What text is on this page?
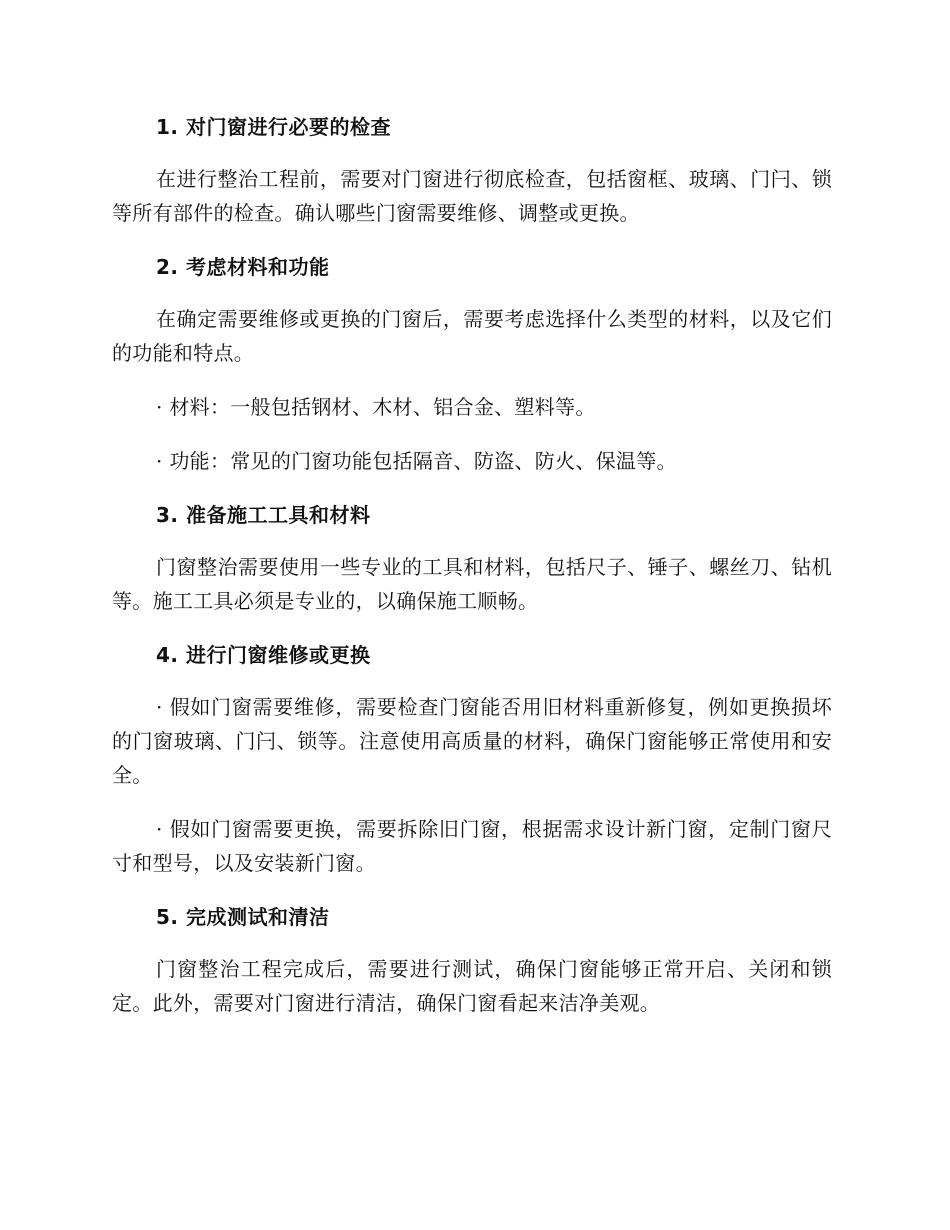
1. 对门窗进行必要的检查

在进行整治工程前，需要对门窗进行彻底检查，包括窗框、玻璃、门闩、锁等所有部件的检查。确认哪些门窗需要维修、调整或更换。

2. 考虑材料和功能

在确定需要维修或更换的门窗后，需要考虑选择什么类型的材料，以及它们的功能和特点。

· 材料：一般包括钢材、木材、铝合金、塑料等。

· 功能：常见的门窗功能包括隔音、防盗、防火、保温等。

3. 准备施工工具和材料

门窗整治需要使用一些专业的工具和材料，包括尺子、锤子、螺丝刀、钻机等。施工工具必须是专业的，以确保施工顺畅。

4. 进行门窗维修或更换

· 假如门窗需要维修，需要检查门窗能否用旧材料重新修复，例如更换损坏的门窗玻璃、门闩、锁等。注意使用高质量的材料，确保门窗能够正常使用和安全。

· 假如门窗需要更换，需要拆除旧门窗，根据需求设计新门窗，定制门窗尺寸和型号，以及安装新门窗。

5. 完成测试和清洁

门窗整治工程完成后，需要进行测试，确保门窗能够正常开启、关闭和锁定。此外，需要对门窗进行清洁，确保门窗看起来洁净美观。
